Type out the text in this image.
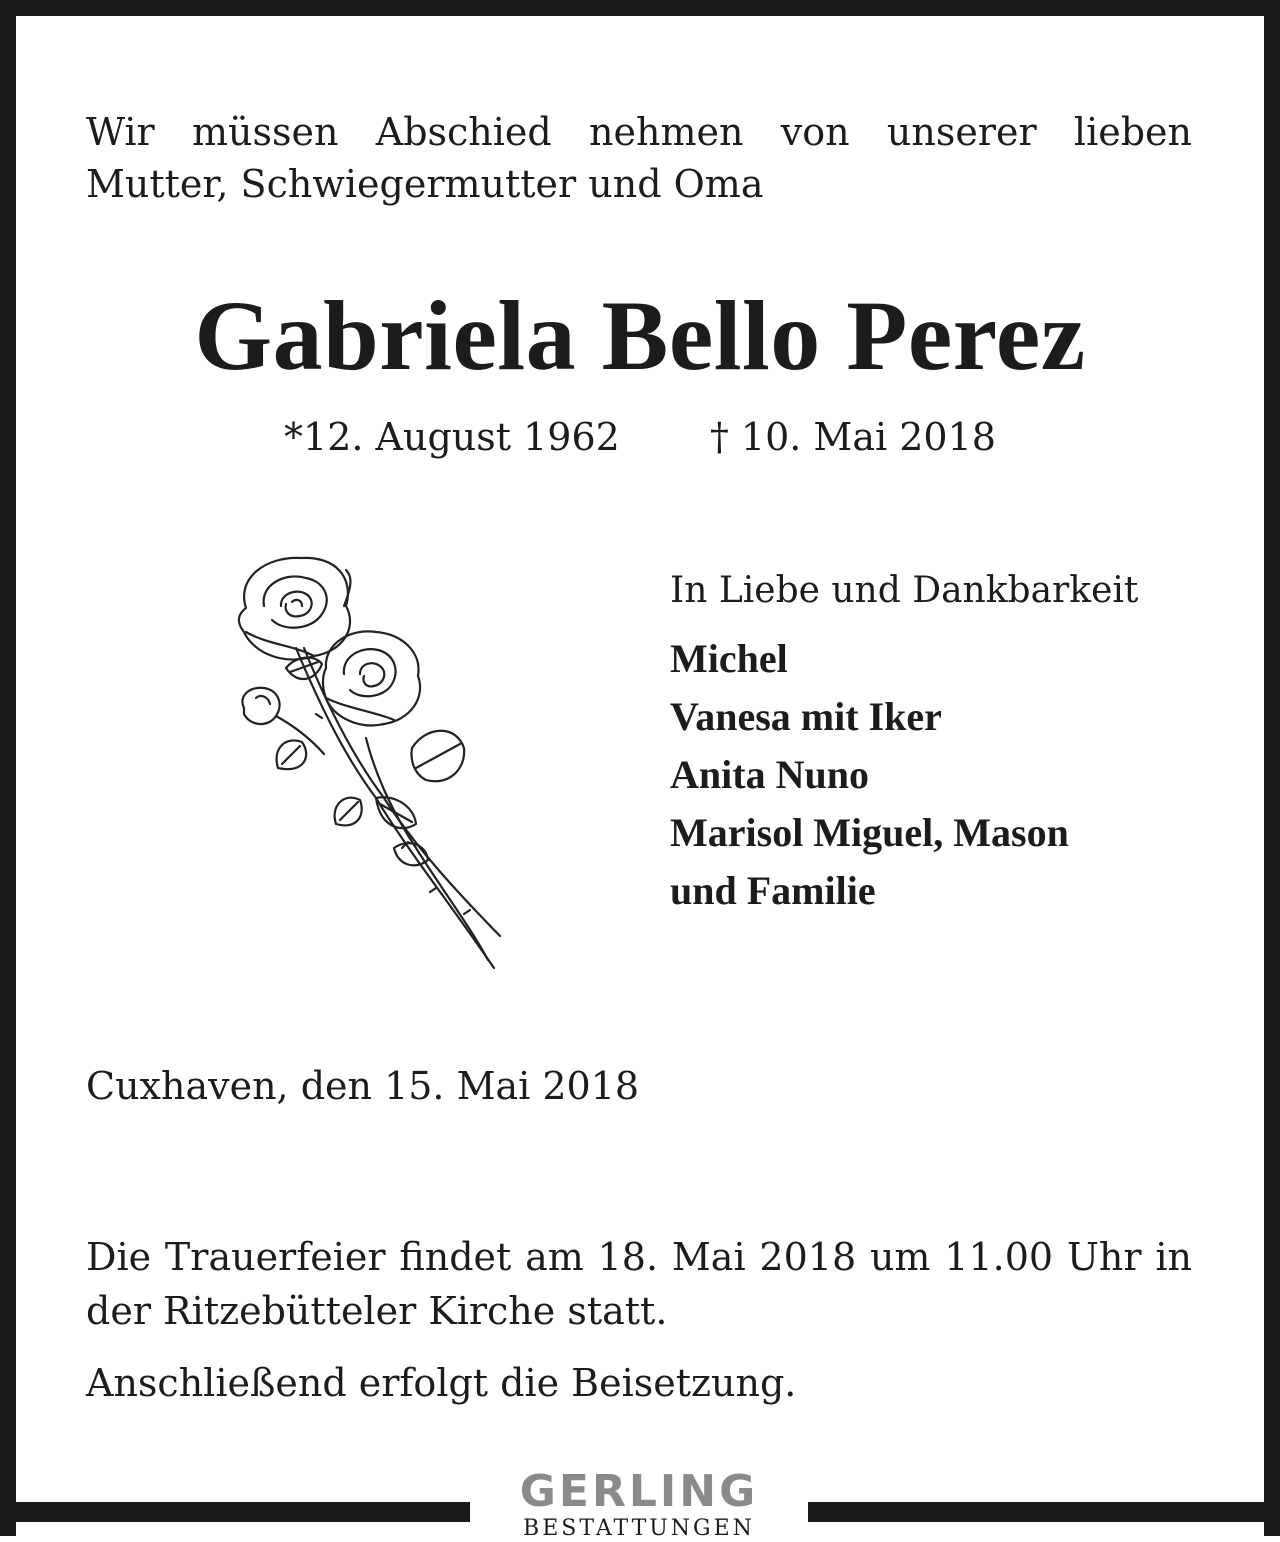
Wir müssen Abschied nehmen von unserer lieben Mutter, Schwiegermutter und Oma

Gabriela Bello Perez
*12. August 1962 † 10. Mai 2018

In Liebe und Dankbarkeit

Michel
Vanesa mit Iker
Anita Nuno
Marisol Miguel, Mason
und Familie

Cuxhaven, den 15. Mai 2018

Die Trauerfeier findet am 18. Mai 2018 um 11.00 Uhr in der Ritzebütteler Kirche statt.

Anschließend erfolgt die Beisetzung.

GERLING
BESTATTUNGEN
